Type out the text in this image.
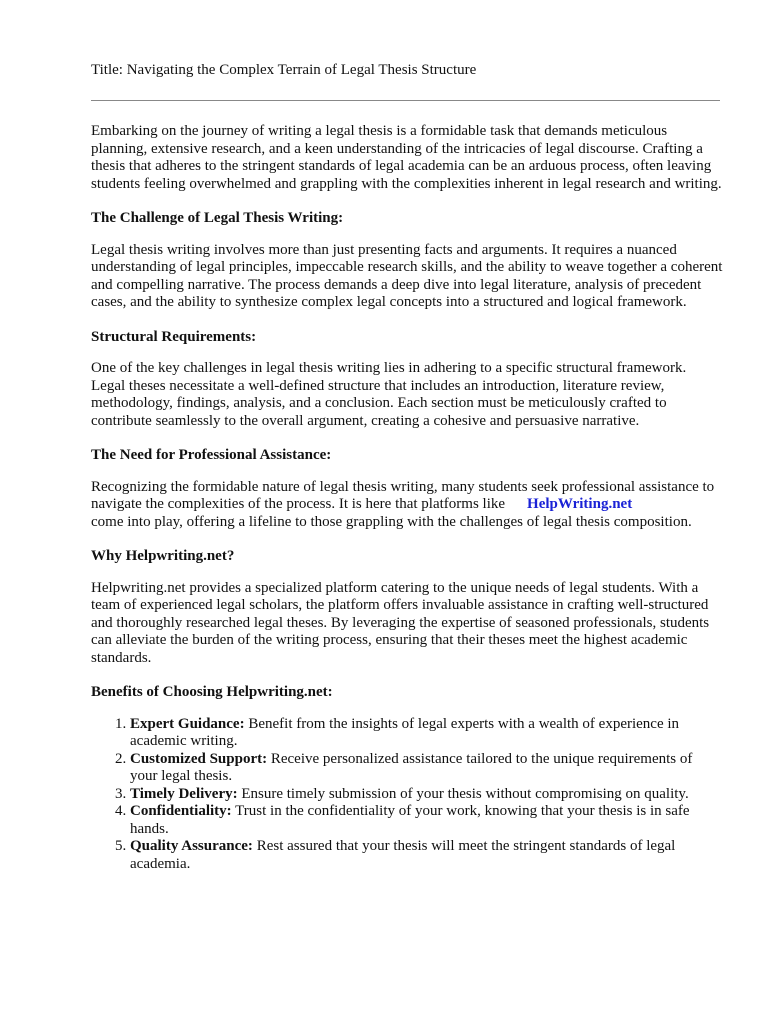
Title: Navigating the Complex Terrain of Legal Thesis Structure

Embarking on the journey of writing a legal thesis is a formidable task that demands meticulous planning, extensive research, and a keen understanding of the intricacies of legal discourse. Crafting a thesis that adheres to the stringent standards of legal academia can be an arduous process, often leaving students feeling overwhelmed and grappling with the complexities inherent in legal research and writing.

The Challenge of Legal Thesis Writing:

Legal thesis writing involves more than just presenting facts and arguments. It requires a nuanced understanding of legal principles, impeccable research skills, and the ability to weave together a coherent and compelling narrative. The process demands a deep dive into legal literature, analysis of precedent cases, and the ability to synthesize complex legal concepts into a structured and logical framework.

Structural Requirements:

One of the key challenges in legal thesis writing lies in adhering to a specific structural framework. Legal theses necessitate a well-defined structure that includes an introduction, literature review, methodology, findings, analysis, and a conclusion. Each section must be meticulously crafted to contribute seamlessly to the overall argument, creating a cohesive and persuasive narrative.

The Need for Professional Assistance:

Recognizing the formidable nature of legal thesis writing, many students seek professional assistance to navigate the complexities of the process. It is here that platforms like HelpWriting.net
come into play, offering a lifeline to those grappling with the challenges of legal thesis composition.

Why Helpwriting.net?

Helpwriting.net provides a specialized platform catering to the unique needs of legal students. With a team of experienced legal scholars, the platform offers invaluable assistance in crafting well-structured and thoroughly researched legal theses. By leveraging the expertise of seasoned professionals, students can alleviate the burden of the writing process, ensuring that their theses meet the highest academic standards.

Benefits of Choosing Helpwriting.net:
1. Expert Guidance: Benefit from the insights of legal experts with a wealth of experience in academic writing.
2. Customized Support: Receive personalized assistance tailored to the unique requirements of your legal thesis.
3. Timely Delivery: Ensure timely submission of your thesis without compromising on quality.
4. Confidentiality: Trust in the confidentiality of your work, knowing that your thesis is in safe hands.
5. Quality Assurance: Rest assured that your thesis will meet the stringent standards of legal academia.
